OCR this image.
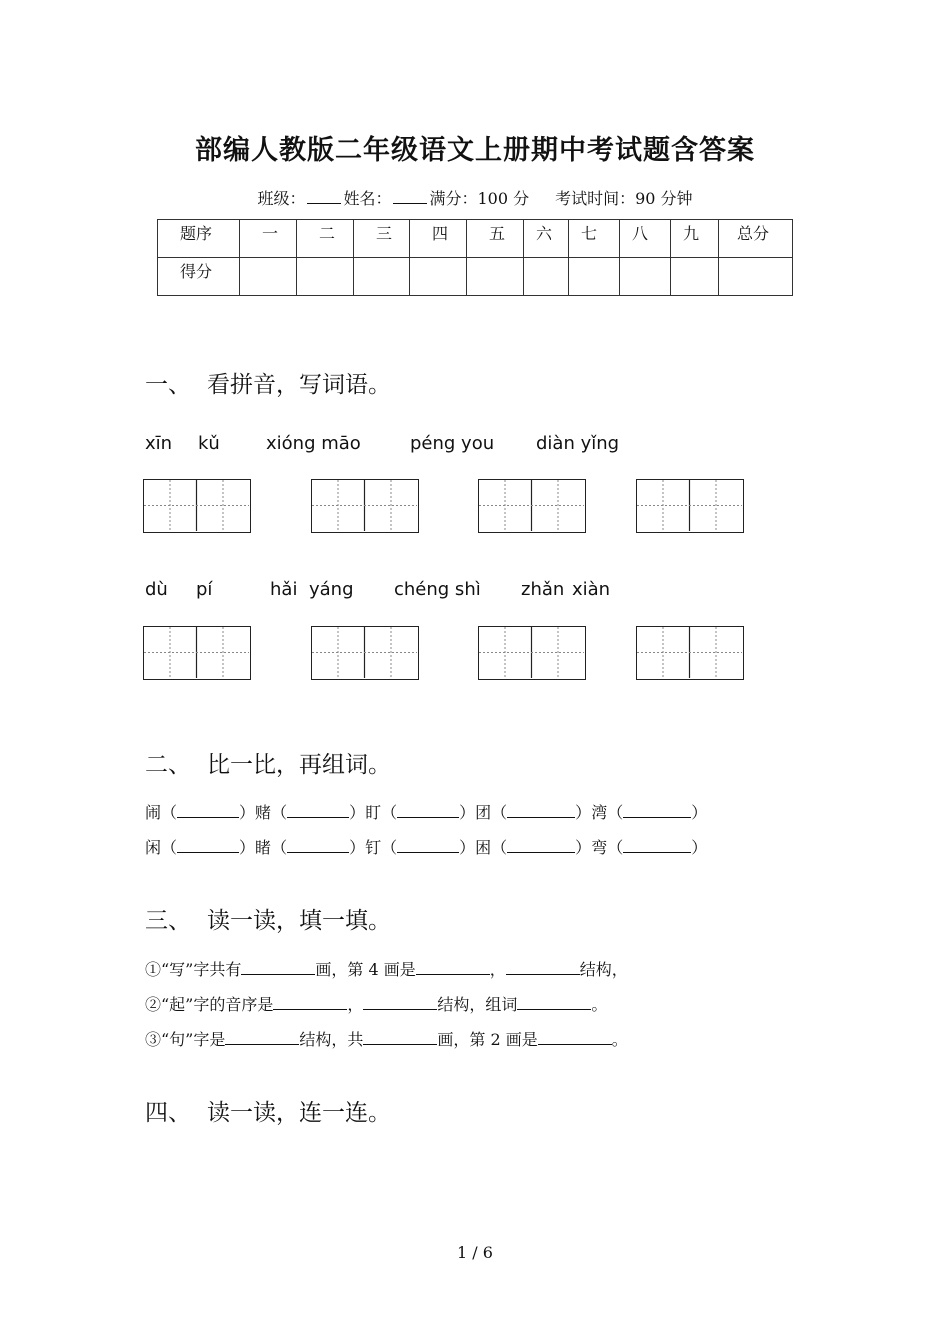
部编人教版二年级语文上册期中考试题含答案
班级： 姓名： 满分：100 分 考试时间：90 分钟
题序	一	二	三	四	五	六	七	八	九	总分
得分										
一、 看拼音，写词语。
xīn kǔ	xióng māo	péng you diàn yǐng
dù pí	hǎi yáng chéng shì zhǎn xiàn
二、 比一比，再组词。
闹（	）赌（	）盯（	）团（	）湾（	）
闲（	）睹（	）钉（	）困（	）弯（	）
三、 读一读，填一填。
①“写”字共有	画，第 4 画是	，	结构，
②“起”字的音序是	，	结构，组词	。
③“句”字是	结构，共	画，第 2 画是	。
四、 读一读，连一连。
1 / 6
